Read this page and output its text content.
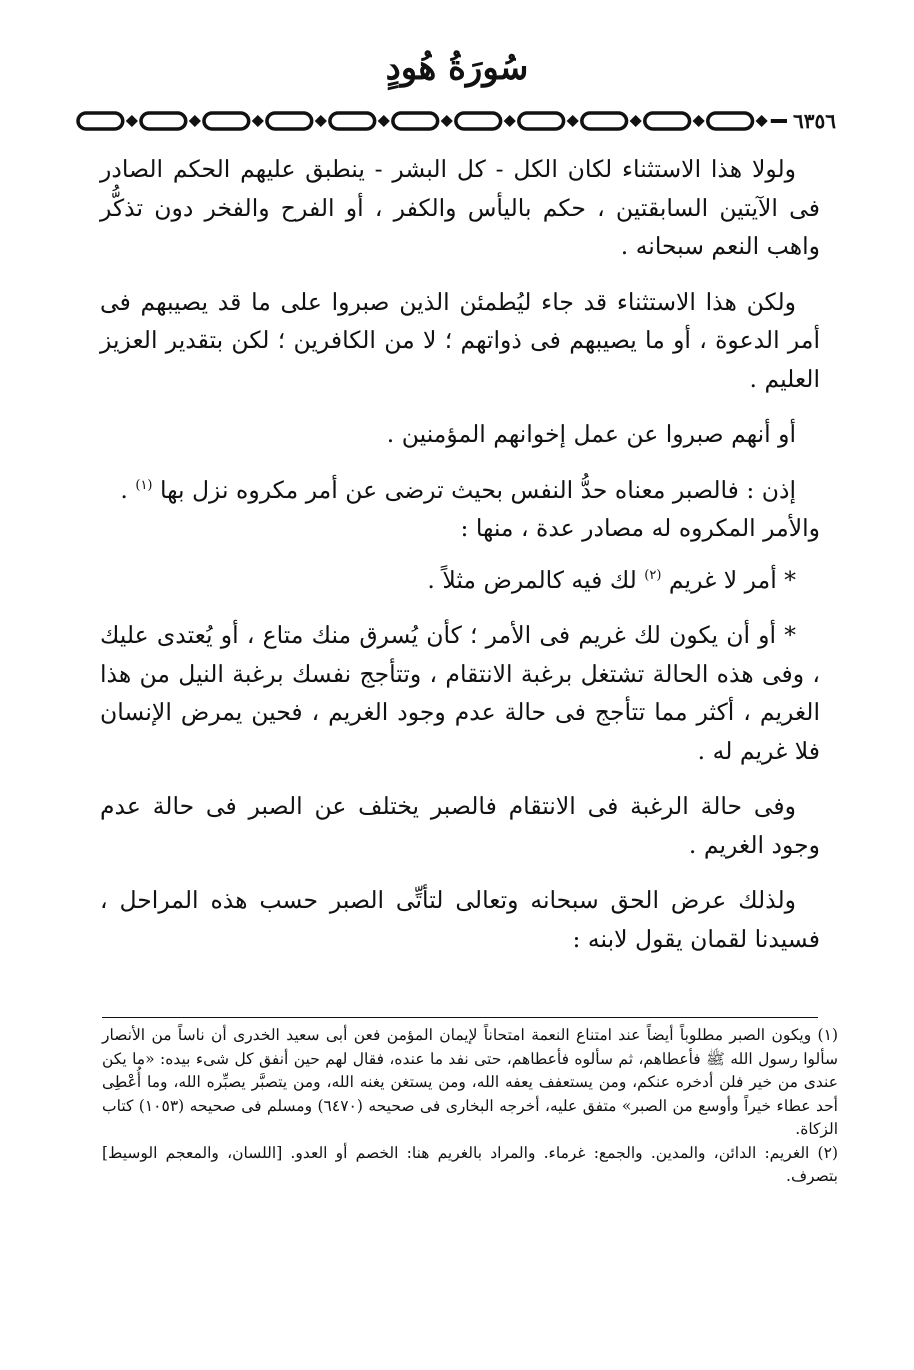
سُورَةُ هُودٍ
٦٣٥٦

ولولا هذا الاستثناء لكان الكل - كل البشر - ينطبق عليهم الحكم الصادر فى الآيتين السابقتين ، حكم باليأس والكفر ، أو الفرح والفخر دون تذكُّر واهب النعم سبحانه .

ولكن هذا الاستثناء قد جاء ليُطمئن الذين صبروا على ما قد يصيبهم فى أمر الدعوة ، أو ما يصيبهم فى ذواتهم ؛ لا من الكافرين ؛ لكن بتقدير العزيز العليم .

أو أنهم صبروا عن عمل إخوانهم المؤمنين .

إذن : فالصبر معناه حدُّ النفس بحيث ترضى عن أمر مكروه نزل بها $^{(١)}$ .
والأمر المكروه له مصادر عدة ، منها :

* أمر لا غريم $^{(٢)}$ لك فيه كالمرض مثلاً .

* أو أن يكون لك غريم فى الأمر ؛ كأن يُسرق منك متاع ، أو يُعتدى عليك ، وفى هذه الحالة تشتغل برغبة الانتقام ، وتتأجج نفسك برغبة النيل من هذا الغريم ، أكثر مما تتأجج فى حالة عدم وجود الغريم ، فحين يمرض الإنسان فلا غريم له .

وفى حالة الرغبة فى الانتقام فالصبر يختلف عن الصبر فى حالة عدم وجود الغريم .

ولذلك عرض الحق سبحانه وتعالى لتأتِّى الصبر حسب هذه المراحل ، فسيدنا لقمان يقول لابنه :

(١) ويكون الصبر مطلوباً أيضاً عند امتناع النعمة امتحاناً لإيمان المؤمن فعن أبى سعيد الخدرى أن ناساً من الأنصار سألوا رسول الله ﷺ فأعطاهم، ثم سألوه فأعطاهم، حتى نفد ما عنده، فقال لهم حين أنفق كل شىء بيده: «ما يكن عندى من خير فلن أدخره عنكم، ومن يستعفف يعفه الله، ومن يستغن يغنه الله، ومن يتصبَّر يصبِّره الله، وما أُعْطِى أحد عطاء خيراً وأوسع من الصبر» متفق عليه، أخرجه البخارى فى صحيحه (٦٤٧٠) ومسلم فى صحيحه (١٠٥٣) كتاب الزكاة.

(٢) الغريم: الدائن، والمدين. والجمع: غرماء. والمراد بالغريم هنا: الخصم أو العدو. [اللسان، والمعجم الوسيط] بتصرف.
